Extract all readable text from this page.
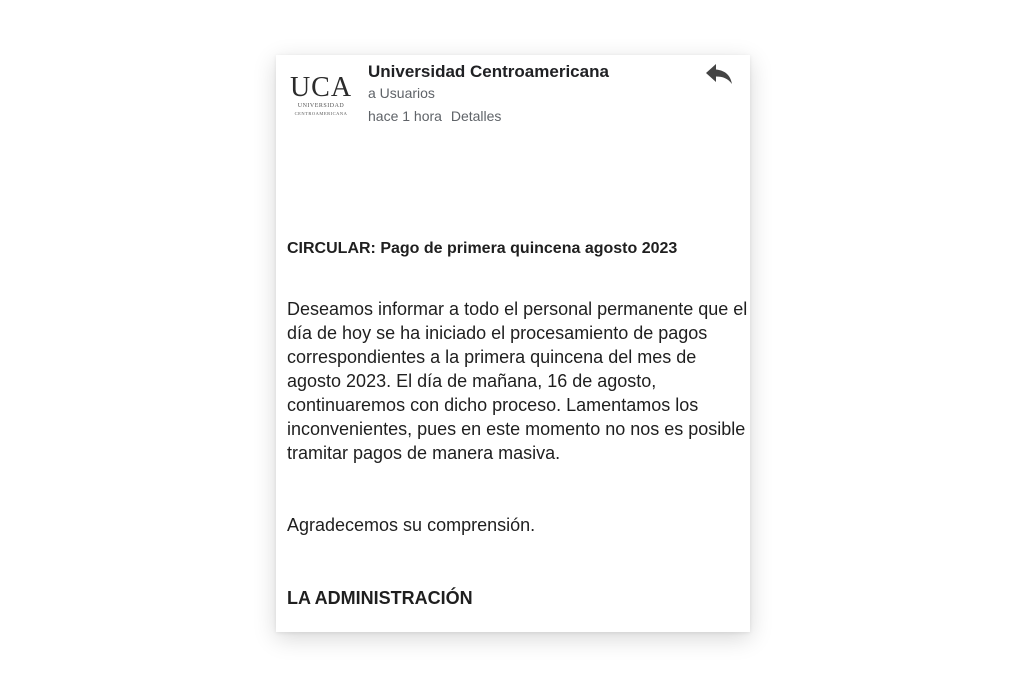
UCA
UNIVERSIDAD
CENTROAMERICANA
Universidad Centroamericana
a Usuarios
hace 1 hora Detalles

CIRCULAR: Pago de primera quincena agosto 2023

Deseamos informar a todo el personal permanente que el día de hoy se ha iniciado el procesamiento de pagos correspondientes a la primera quincena del mes de agosto 2023. El día de mañana, 16 de agosto, continuaremos con dicho proceso. Lamentamos los inconvenientes, pues en este momento no nos es posible tramitar pagos de manera masiva.

Agradecemos su comprensión.

LA ADMINISTRACIÓN
